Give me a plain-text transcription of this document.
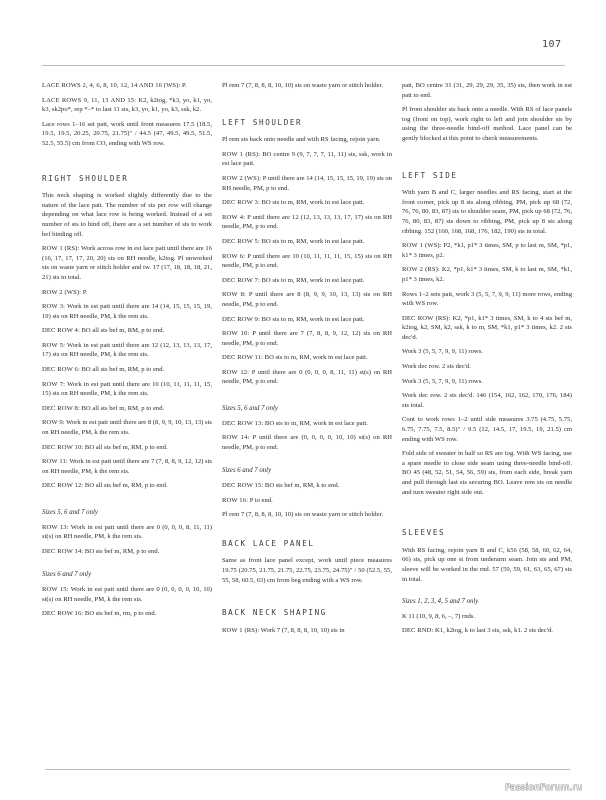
107

LACE ROWS 2, 4, 6, 8, 10, 12, 14 AND 16 (WS): P.

LACE ROWS 9, 11, 13 AND 15: K2, k2tog, *k3, yo, k1, yo, k3, sk2po*, rep *–* to last 11 sts, k3, yo, k1, yo, k3, ssk, k2.

Lace rows 1–16 set patt, work until front measures 17.5 (18.5, 19.5, 19.5, 20.25, 20.75, 21.75)" / 44.5 (47, 49.5, 49.5, 51.5, 52.5, 55.5) cm from CO, ending with WS row.

RIGHT SHOULDER

This neck shaping is worked slightly differently due to the nature of the lace patt. The number of sts per row will change depending on what lace row is being worked. Instead of a set number of sts to bind off, there are a set number of sts to work bef binding off.

ROW 1 (RS): Work across row in est lace patt until there are 16 (16, 17, 17, 17, 20, 20) sts on RH needle, k2tog. Pl unworked sts on waste yarn or stitch holder and tw. 17 (17, 18, 18, 18, 21, 21) sts in total.

ROW 2 (WS): P.

ROW 3: Work in est patt until there are 14 (14, 15, 15, 15, 19, 19) sts on RH needle, PM, k the rem sts.

DEC ROW 4: BO all sts bef m, RM, p to end.

ROW 5: Work in est patt until there are 12 (12, 13, 13, 13, 17, 17) sts on RH needle, PM, k the rem sts.

DEC ROW 6: BO all sts bef m, RM, p to end.

ROW 7: Work in est patt until there are 10 (10, 11, 11, 11, 15, 15) sts on RH needle, PM, k the rem sts.

DEC ROW 8: BO all sts bef m, RM, p to end.

ROW 9: Work in est patt until there are 8 (8, 9, 9, 10, 13, 13) sts on RH needle, PM, k the rem sts.

DEC ROW 10: BO all sts bef m, RM, p to end.

ROW 11: Work in est patt until there are 7 (7, 8, 8, 9, 12, 12) sts on RH needle, PM, k the rem sts.

DEC ROW 12: BO all sts bef m, RM, p to end.

Sizes 5, 6 and 7 only

ROW 13: Work in est patt until there are 0 (0, 0, 0, 8, 11, 11) st(s) on RH needle, PM, k the rem sts.

DEC ROW 14: BO sts bef m, RM, p to end.

Sizes 6 and 7 only

ROW 15: Work in est patt until there are 0 (0, 0, 0, 0, 10, 10) st(s) on RH needle, PM, k the rem sts.

DEC ROW 16: BO sts bef m, rm, p to end.

Pl rem 7 (7, 8, 8, 8, 10, 10) sts on waste yarn or stitch holder.

LEFT SHOULDER

Pl rem sts back onto needle and with RS facing, rejoin yarn.

ROW 1 (RS): BO centre 9 (9, 7, 7, 7, 11, 11) sts, ssk, work in est lace patt.

ROW 2 (WS): P until there are 14 (14, 15, 15, 15, 19, 19) sts on RH needle, PM, p to end.

DEC ROW 3: BO sts to m, RM, work in est lace patt.

ROW 4: P until there are 12 (12, 13, 13, 13, 17, 17) sts on RH needle, PM, p to end.

DEC ROW 5: BO sts to m, RM, work in est lace patt.

ROW 6: P until there are 10 (10, 11, 11, 11, 15, 15) sts on RH needle, PM, p to end.

DEC ROW 7: BO sts to m, RM, work in est lace patt.

ROW 8: P until there are 8 (8, 9, 9, 10, 13, 13) sts on RH needle, PM, p to end.

DEC ROW 9: BO sts to m, RM, work in est lace patt.

ROW 10: P until there are 7 (7, 8, 8, 9, 12, 12) sts on RH needle, PM, p to end.

DEC ROW 11: BO sts to m, RM, work in est lace patt.

ROW 12: P until there are 0 (0, 0, 0, 8, 11, 11) st(s) on RH needle, PM, p to end.

Sizes 5, 6 and 7 only

DEC ROW 13: BO sts to m, RM, work in est lace patt.

ROW 14: P until there are (0, 0, 0, 0, 10, 10) st(s) on RH needle, PM, p to end.

Sizes 6 and 7 only

DEC ROW 15: BO sts bef m, RM, k to end.

ROW 16: P to end.

Pl rem 7 (7, 8, 8, 8, 10, 10) sts on waste yarn or stitch holder.

BACK LACE PANEL

Same as front lace panel except, work until piece measures 19.75 (20.75, 21.75, 21.75, 22.75, 23.75, 24.75)" / 50 (52.5, 55, 55, 58, 60.5, 63) cm from beg ending with a WS row.

BACK NECK SHAPING

ROW 1 (RS): Work 7 (7, 8, 8, 8, 10, 10) sts in

patt, BO centre 31 (31, 29, 29, 29, 35, 35) sts, then work in est patt to end.

Pl front shoulder sts back onto a needle. With RS of lace panels tog (front on top), work right to left and join shoulder sts by using the three-needle bind-off method. Lace panel can be gently blocked at this point to check measurements.

LEFT SIDE

With yarn B and C, larger needles and RS facing, start at the front corner, pick up 8 sts along ribbing, PM, pick up 68 (72, 76, 76, 80, 83, 87) sts to shoulder seam, PM, pick up 68 (72, 76, 76, 80, 83, 87) sts down to ribbing, PM, pick up 8 sts along ribbing. 152 (160, 168, 168, 176, 182, 190) sts in total.

ROW 1 (WS): P2, *k1, p1* 3 times, SM, p to last m, SM, *p1, k1* 3 times, p2.

ROW 2 (RS): K2, *p1, k1* 3 times, SM, k to last m, SM, *k1, p1* 3 times, k2.

Rows 1–2 sets patt, work 3 (5, 5, 7, 9, 9, 11) more rows, ending with WS row.

DEC ROW (RS): K2, *p1, k1* 3 times, SM, k to 4 sts bef m, k2tog, k2, SM, k2, ssk, k to m, SM, *k1, p1* 3 times, k2. 2 sts dec'd.

Work 3 (5, 5, 7, 9, 9, 11) rows.

Work dec row. 2 sts dec'd.

Work 3 (5, 5, 7, 9, 9, 11) rows.

Work dec row. 2 sts dec'd. 146 (154, 162, 162, 170, 176, 184) sts total.

Cont to work rows 1–2 until side measures 3.75 (4.75, 5.75, 6.75, 7.75, 7.5, 8.5)" / 9.5 (12, 14.5, 17, 19.5, 19, 21.5) cm ending with WS row.

Fold side of sweater in half so RS are tog. With WS facing, use a spare needle to close side seam using three-needle bind-off. BO 45 (48, 52, 51, 54, 56, 59) sts, from each side, break yarn and pull through last sts securing BO. Leave rem sts on needle and turn sweater right side out.

SLEEVES

With RS facing, rejoin yarn B and C, k56 (58, 58, 60, 62, 64, 66) sts, pick up one st from underarm seam. Join sts and PM, sleeve will be worked in the rnd. 57 (59, 59, 61, 63, 65, 67) sts in total.

Sizes 1, 2, 3, 4, 5 and 7 only

K 11 (10, 9, 8, 6, –, 7) rnds.

DEC RND: K1, k2tog, k to last 3 sts, ssk, k1. 2 sts dec'd.

PassionForum.ru
